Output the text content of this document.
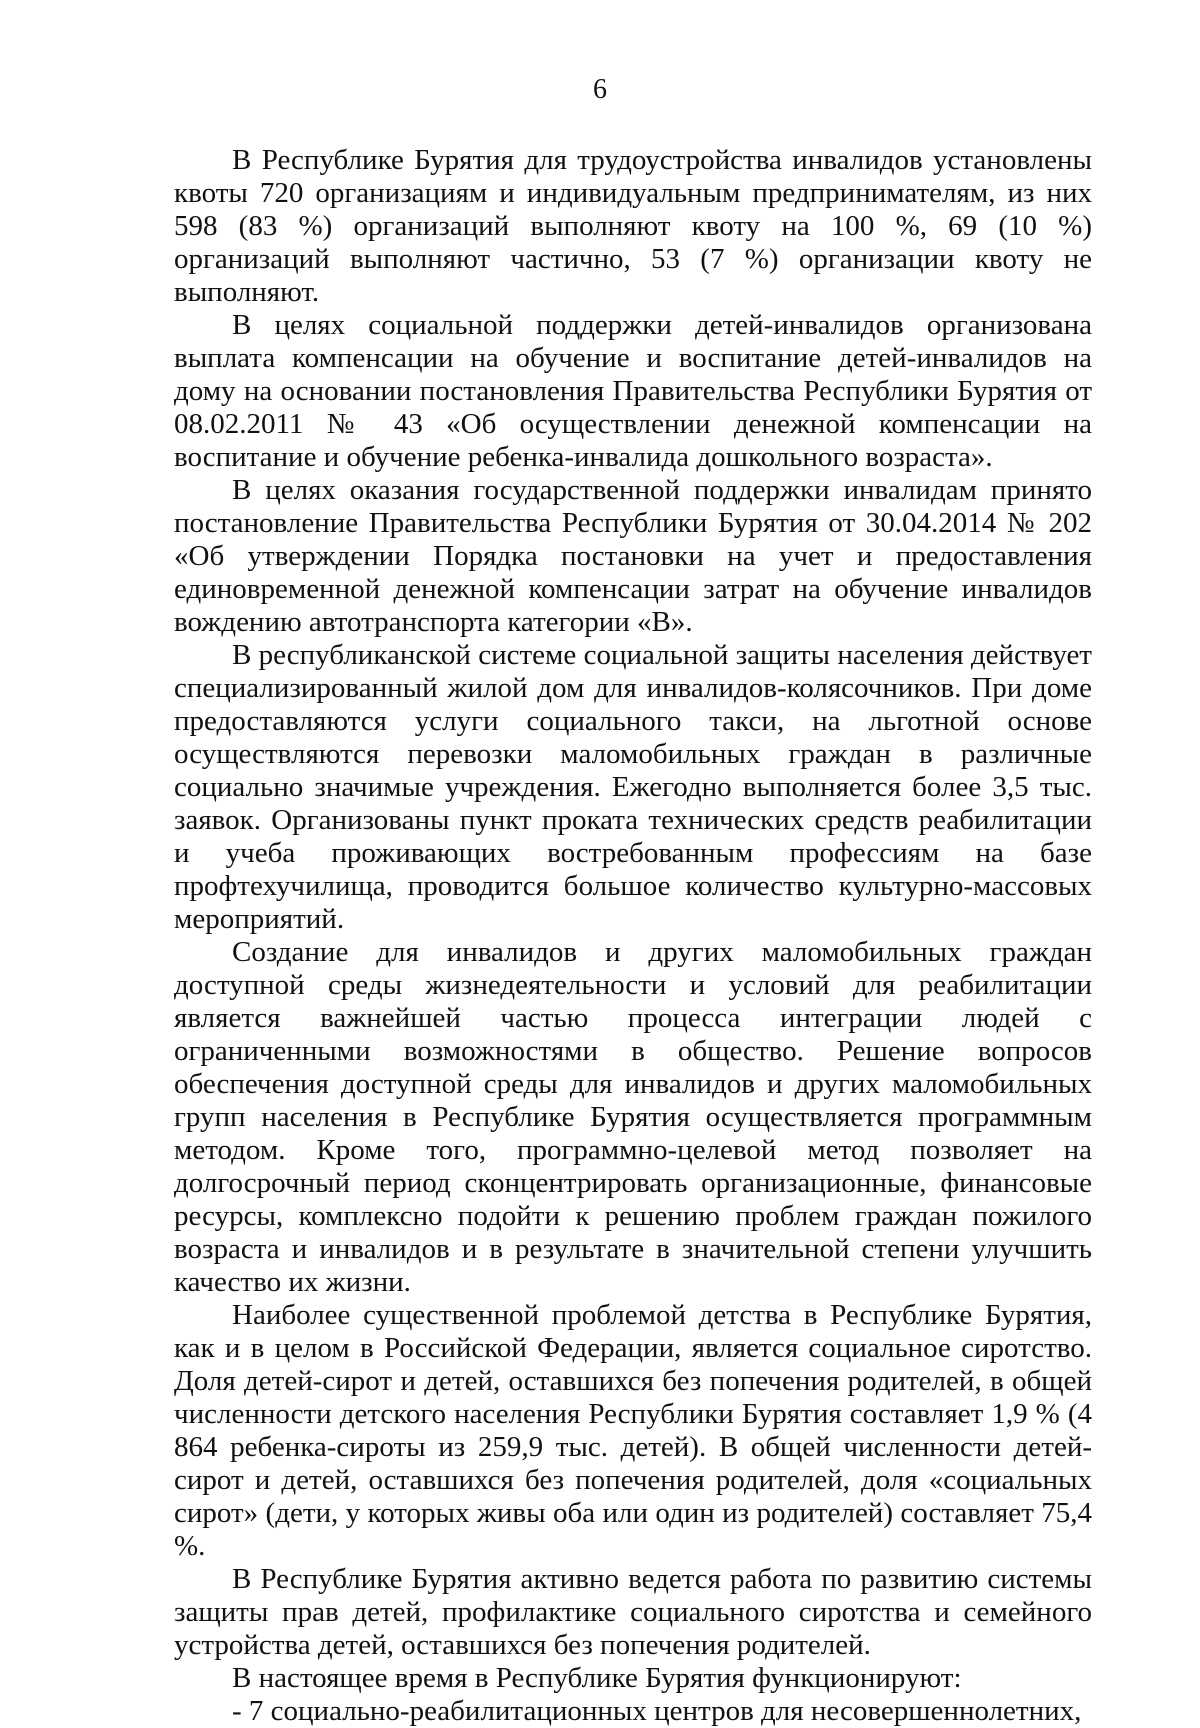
6

В Республике Бурятия для трудоустройства инвалидов установлены квоты 720 организациям и индивидуальным предпринимателям, из них 598 (83 %) организаций выполняют квоту на 100 %, 69 (10 %) организаций выполняют частично, 53 (7 %) организации квоту не выполняют.

В целях социальной поддержки детей-инвалидов организована выплата компенсации на обучение и воспитание детей-инвалидов на дому на основании постановления Правительства Республики Бурятия от 08.02.2011 № 43 «Об осуществлении денежной компенсации на воспитание и обучение ребенка-инвалида дошкольного возраста».

В целях оказания государственной поддержки инвалидам принято постановление Правительства Республики Бурятия от 30.04.2014 № 202 «Об утверждении Порядка постановки на учет и предоставления единовременной денежной компенсации затрат на обучение инвалидов вождению автотранспорта категории «В».

В республиканской системе социальной защиты населения действует специализированный жилой дом для инвалидов-колясочников. При доме предоставляются услуги социального такси, на льготной основе осуществляются перевозки маломобильных граждан в различные социально значимые учреждения. Ежегодно выполняется более 3,5 тыс. заявок. Организованы пункт проката технических средств реабилитации и учеба проживающих востребованным профессиям на базе профтехучилища, проводится большое количество культурно-массовых мероприятий.

Создание для инвалидов и других маломобильных граждан доступной среды жизнедеятельности и условий для реабилитации является важнейшей частью процесса интеграции людей с ограниченными возможностями в общество. Решение вопросов обеспечения доступной среды для инвалидов и других маломобильных групп населения в Республике Бурятия осуществляется программным методом. Кроме того, программно-целевой метод позволяет на долгосрочный период сконцентрировать организационные, финансовые ресурсы, комплексно подойти к решению проблем граждан пожилого возраста и инвалидов и в результате в значительной степени улучшить качество их жизни.

Наиболее существенной проблемой детства в Республике Бурятия, как и в целом в Российской Федерации, является социальное сиротство. Доля детей-сирот и детей, оставшихся без попечения родителей, в общей численности детского населения Республики Бурятия составляет 1,9 % (4 864 ребенка-сироты из 259,9 тыс. детей). В общей численности детей-сирот и детей, оставшихся без попечения родителей, доля «социальных сирот» (дети, у которых живы оба или один из родителей) составляет 75,4 %.

В Республике Бурятия активно ведется работа по развитию системы защиты прав детей, профилактике социального сиротства и семейного устройства детей, оставшихся без попечения родителей.

В настоящее время в Республике Бурятия функционируют:

- 7 социально-реабилитационных центров для несовершеннолетних,
